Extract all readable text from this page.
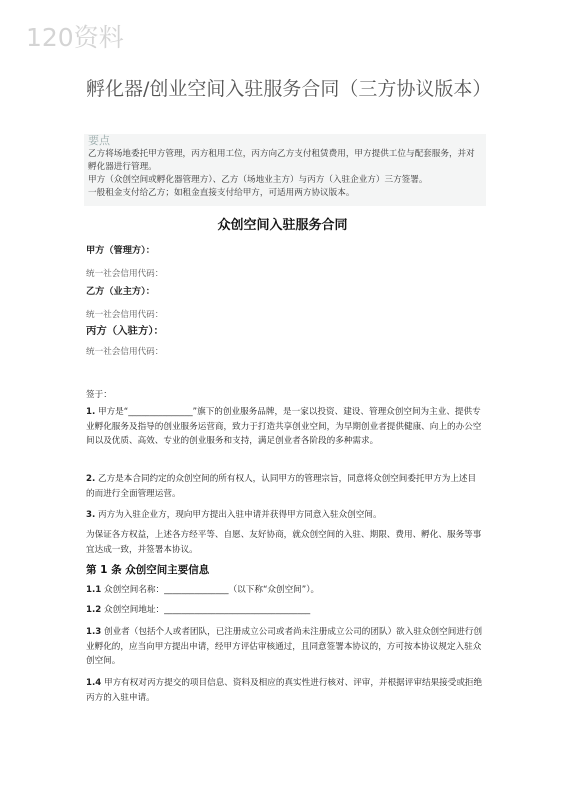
120资料
孵化器/创业空间入驻服务合同（三方协议版本）
要点

乙方将场地委托甲方管理，丙方租用工位，丙方向乙方支付租赁费用，甲方提供工位与配套服务，并对孵化器进行管理。

甲方（众创空间或孵化器管理方）、乙方（场地业主方）与丙方（入驻企业方）三方签署。

一般租金支付给乙方；如租金直接支付给甲方，可适用两方协议版本。

众创空间入驻服务合同
甲方（管理方）：
统一社会信用代码：
乙方（业主方）：
统一社会信用代码：
丙方（入驻方）：
统一社会信用代码：
签于：

1. 甲方是“_______________”旗下的创业服务品牌，是一家以投资、建设、管理众创空间为主业、提供专业孵化服务及指导的创业服务运营商，致力于打造共享创业空间，为早期创业者提供健康、向上的办公空间以及优质、高效、专业的创业服务和支持，满足创业者各阶段的多种需求。

2. 乙方是本合同约定的众创空间的所有权人，认同甲方的管理宗旨，同意将众创空间委托甲方为上述目的而进行全面管理运营。

3. 丙方为入驻企业方，现向甲方提出入驻申请并获得甲方同意入驻众创空间。

为保证各方权益，上述各方经平等、自愿、友好协商，就众创空间的入驻、期限、费用、孵化、服务等事宜达成一致，并签署本协议。

第 1 条 众创空间主要信息

1.1 众创空间名称：_______________（以下称“众创空间”）。

1.2 众创空间地址：__________________________________

1.3 创业者（包括个人或者团队，已注册成立公司或者尚未注册成立公司的团队）欲入驻众创空间进行创业孵化的，应当向甲方提出申请，经甲方评估审核通过，且同意签署本协议的，方可按本协议规定入驻众创空间。

1.4 甲方有权对丙方提交的项目信息、资料及相应的真实性进行核对、评审，并根据评审结果接受或拒绝丙方的入驻申请。
